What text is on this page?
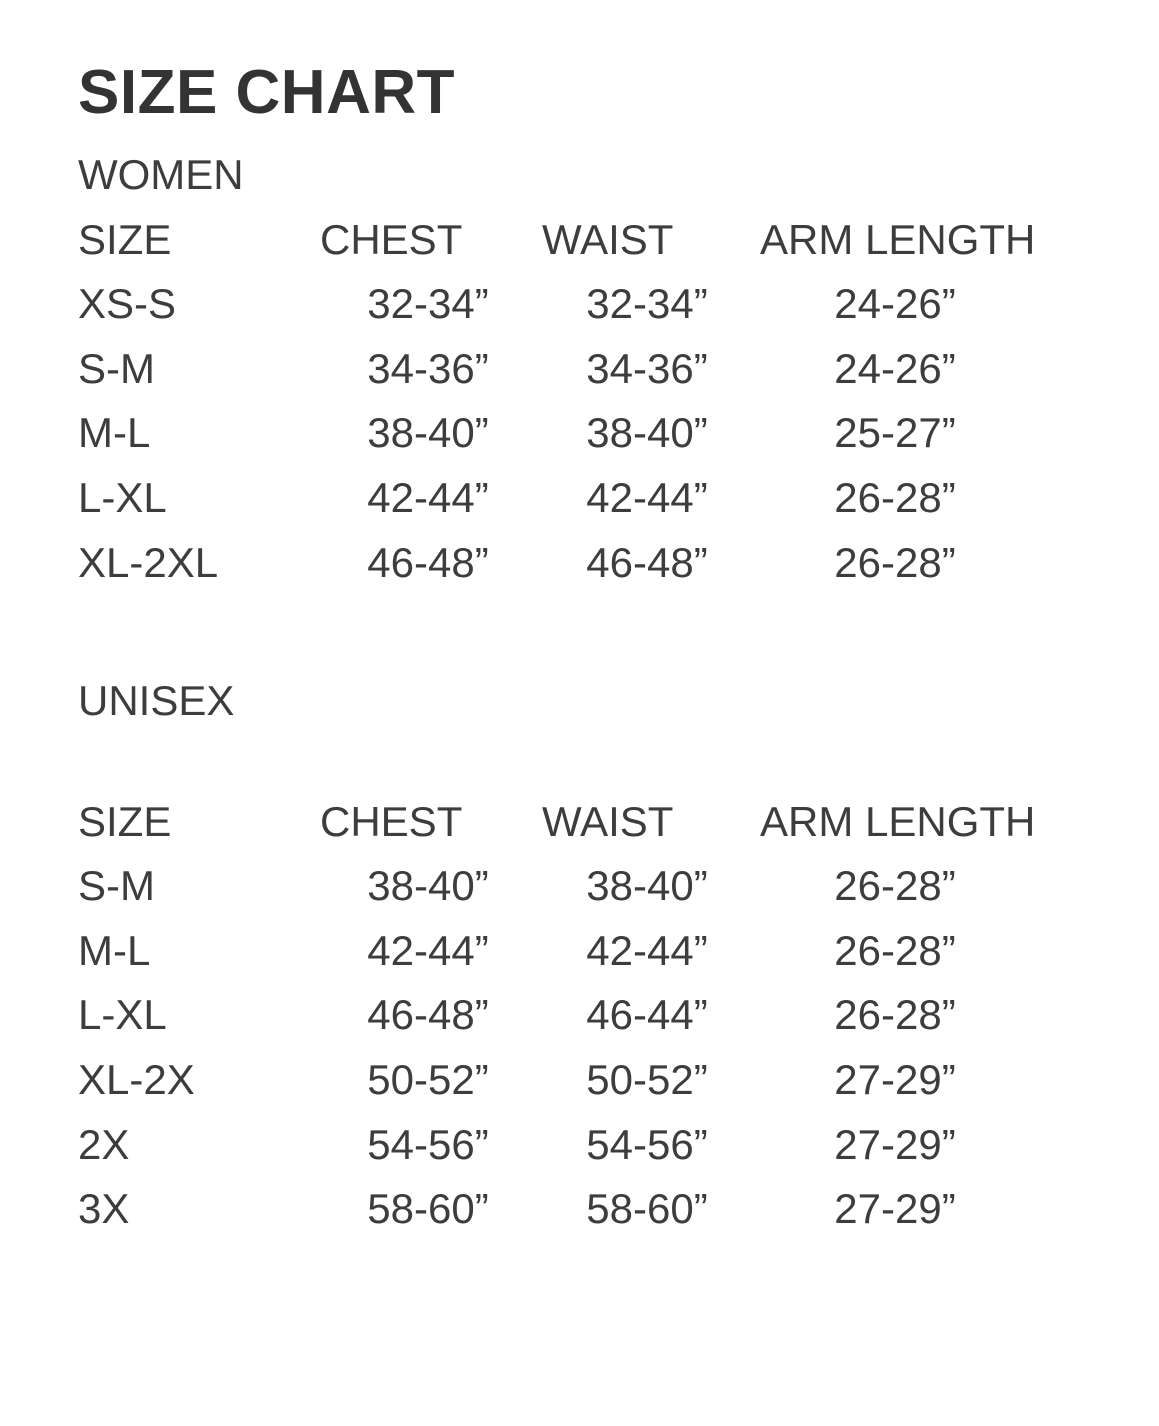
SIZE CHART
WOMEN
SIZE	CHEST	WAIST	ARM LENGTH
XS-S	32-34”	32-34”	24-26”
S-M	34-36”	34-36”	24-26”
M-L	38-40”	38-40”	25-27”
L-XL	42-44”	42-44”	26-28”
XL-2XL	46-48”	46-48”	26-28”
UNISEX
SIZE	CHEST	WAIST	ARM LENGTH
S-M	38-40”	38-40”	26-28”
M-L	42-44”	42-44”	26-28”
L-XL	46-48”	46-44”	26-28”
XL-2X	50-52”	50-52”	27-29”
2X	54-56”	54-56”	27-29”
3X	58-60”	58-60”	27-29”
